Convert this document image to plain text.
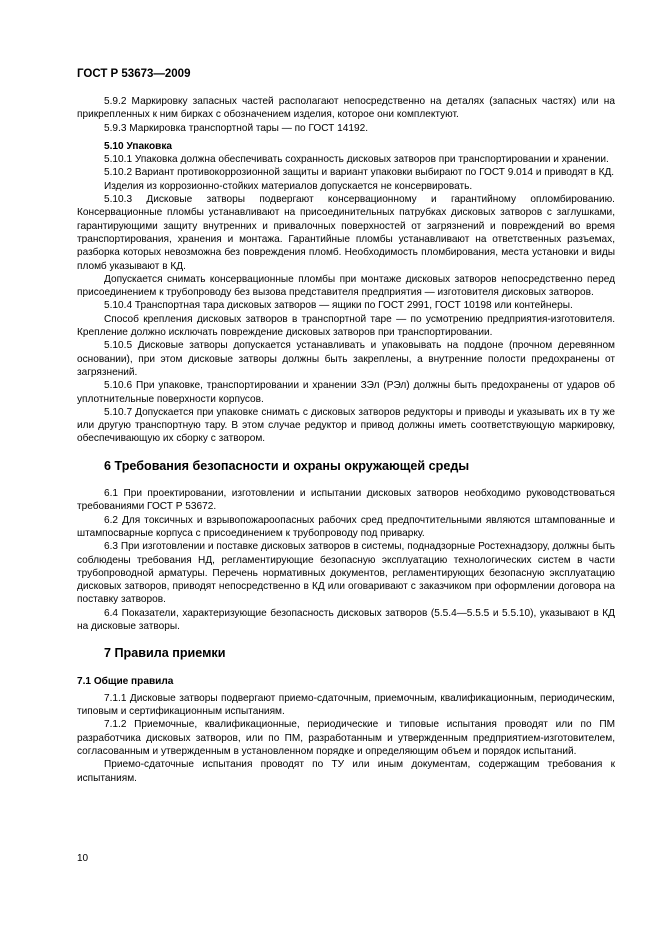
ГОСТ Р 53673—2009
5.9.2 Маркировку запасных частей располагают непосредственно на деталях (запасных частях) или на прикрепленных к ним бирках с обозначением изделия, которое они комплектуют.
5.9.3 Маркировка транспортной тары — по ГОСТ 14192.
5.10 Упаковка
5.10.1 Упаковка должна обеспечивать сохранность дисковых затворов при транспортировании и хранении.
5.10.2 Вариант противокоррозионной защиты и вариант упаковки выбирают по ГОСТ 9.014 и приводят в КД.
Изделия из коррозионно-стойких материалов допускается не консервировать.
5.10.3 Дисковые затворы подвергают консервационному и гарантийному опломбированию. Консервационные пломбы устанавливают на присоединительных патрубках дисковых затворов с заглушками, гарантирующими защиту внутренних и привалочных поверхностей от загрязнений и повреждений во время транспортирования, хранения и монтажа. Гарантийные пломбы устанавливают на ответственных разъемах, разборка которых невозможна без повреждения пломб. Необходимость пломбирования, места установки и виды пломб указывают в КД.
Допускается снимать консервационные пломбы при монтаже дисковых затворов непосредственно перед присоединением к трубопроводу без вызова представителя предприятия — изготовителя дисковых затворов.
5.10.4 Транспортная тара дисковых затворов — ящики по ГОСТ 2991, ГОСТ 10198 или контейнеры.
Способ крепления дисковых затворов в транспортной таре — по усмотрению предприятия-изготовителя. Крепление должно исключать повреждение дисковых затворов при транспортировании.
5.10.5 Дисковые затворы допускается устанавливать и упаковывать на поддоне (прочном деревянном основании), при этом дисковые затворы должны быть закреплены, а внутренние полости предохранены от загрязнений.
5.10.6 При упаковке, транспортировании и хранении ЗЭл (РЭл) должны быть предохранены от ударов об уплотнительные поверхности корпусов.
5.10.7 Допускается при упаковке снимать с дисковых затворов редукторы и приводы и указывать их в ту же или другую транспортную тару. В этом случае редуктор и привод должны иметь соответствующую маркировку, обеспечивающую их сборку с затвором.
6 Требования безопасности и охраны окружающей среды
6.1 При проектировании, изготовлении и испытании дисковых затворов необходимо руководствоваться требованиями ГОСТ Р 53672.
6.2 Для токсичных и взрывопожароопасных рабочих сред предпочтительными являются штампованные и штампосварные корпуса с присоединением к трубопроводу под приварку.
6.3 При изготовлении и поставке дисковых затворов в системы, поднадзорные Ростехнадзору, должны быть соблюдены требования НД, регламентирующие безопасную эксплуатацию технологических систем в части трубопроводной арматуры. Перечень нормативных документов, регламентирующих безопасную эксплуатацию дисковых затворов, приводят непосредственно в КД или оговаривают с заказчиком при оформлении договора на поставку затворов.
6.4 Показатели, характеризующие безопасность дисковых затворов (5.5.4—5.5.5 и 5.5.10), указывают в КД на дисковые затворы.
7 Правила приемки
7.1 Общие правила
7.1.1 Дисковые затворы подвергают приемо-сдаточным, приемочным, квалификационным, периодическим, типовым и сертификационным испытаниям.
7.1.2 Приемочные, квалификационные, периодические и типовые испытания проводят или по ПМ разработчика дисковых затворов, или по ПМ, разработанным и утвержденным предприятием-изготовителем, согласованным и утвержденным в установленном порядке и определяющим объем и порядок испытаний.
Приемо-сдаточные испытания проводят по ТУ или иным документам, содержащим требования к испытаниям.
10
